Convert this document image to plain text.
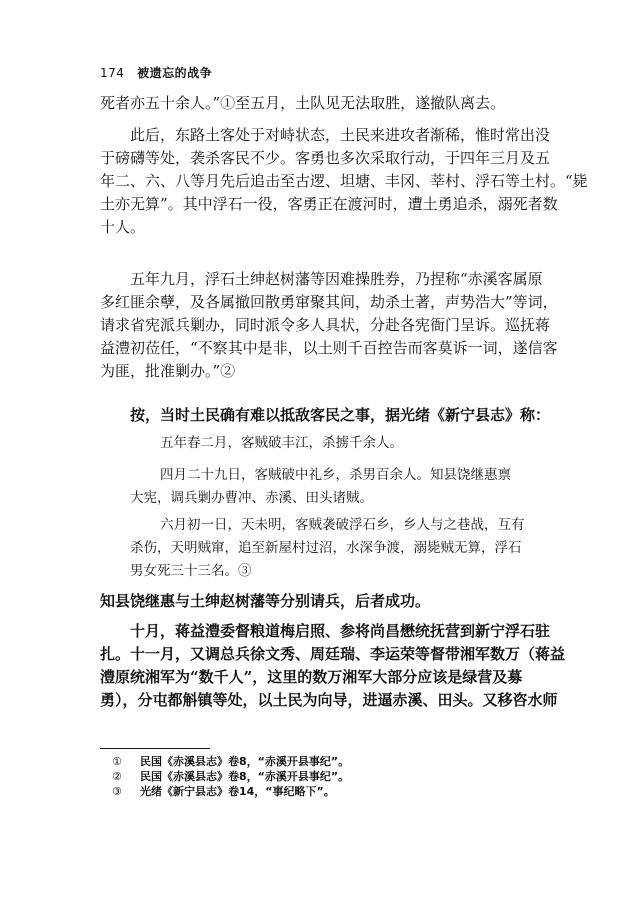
174 被遗忘的战争
死者亦五十余人。”①至五月，土队见无法取胜，遂撤队离去。
此后，东路土客处于对峙状态，土民来进攻者渐稀，惟时常出没
于磅礴等处，袭杀客民不少。客勇也多次采取行动，于四年三月及五
年二、六、八等月先后追击至古逻、坦塘、丰冈、莘村、浮石等土村。“毙
土亦无算”。其中浮石一役，客勇正在渡河时，遭土勇追杀，溺死者数
十人。
五年九月，浮石土绅赵树藩等因难操胜券，乃捏称“赤溪客属原
多红匪余孽，及各属撤回散勇窜聚其间，劫杀土著，声势浩大”等词，
请求省宪派兵剿办，同时派令多人具状，分赴各宪衙门呈诉。巡抚蒋
益澧初莅任，“不察其中是非，以土则千百控告而客莫诉一词，遂信客
为匪，批准剿办。”②
按，当时土民确有难以抵敌客民之事，据光绪《新宁县志》称：
五年春二月，客贼破丰江，杀掳千余人。
四月二十九日，客贼破中礼乡，杀男百余人。知县饶继惠禀
大宪，调兵剿办曹冲、赤溪、田头诸贼。
六月初一日，天未明，客贼袭破浮石乡，乡人与之巷战，互有
杀伤，天明贼窜，追至新屋村过沼，水深争渡，溺毙贼无算，浮石
男女死三十三名。③
知县饶继惠与土绅赵树藩等分别请兵，后者成功。
十月，蒋益澧委督粮道梅启照、参将尚昌懋统抚营到新宁浮石驻
扎。十一月，又调总兵徐文秀、周廷瑞、李运荣等督带湘军数万（蒋益
澧原统湘军为“数千人”，这里的数万湘军大部分应该是绿营及募
勇），分屯都斛镇等处，以土民为向导，进逼赤溪、田头。又移咨水师
① 民国《赤溪县志》卷8，“赤溪开县事纪”。
② 民国《赤溪县志》卷8，“赤溪开县事纪”。
③ 光绪《新宁县志》卷14，“事纪略下”。
